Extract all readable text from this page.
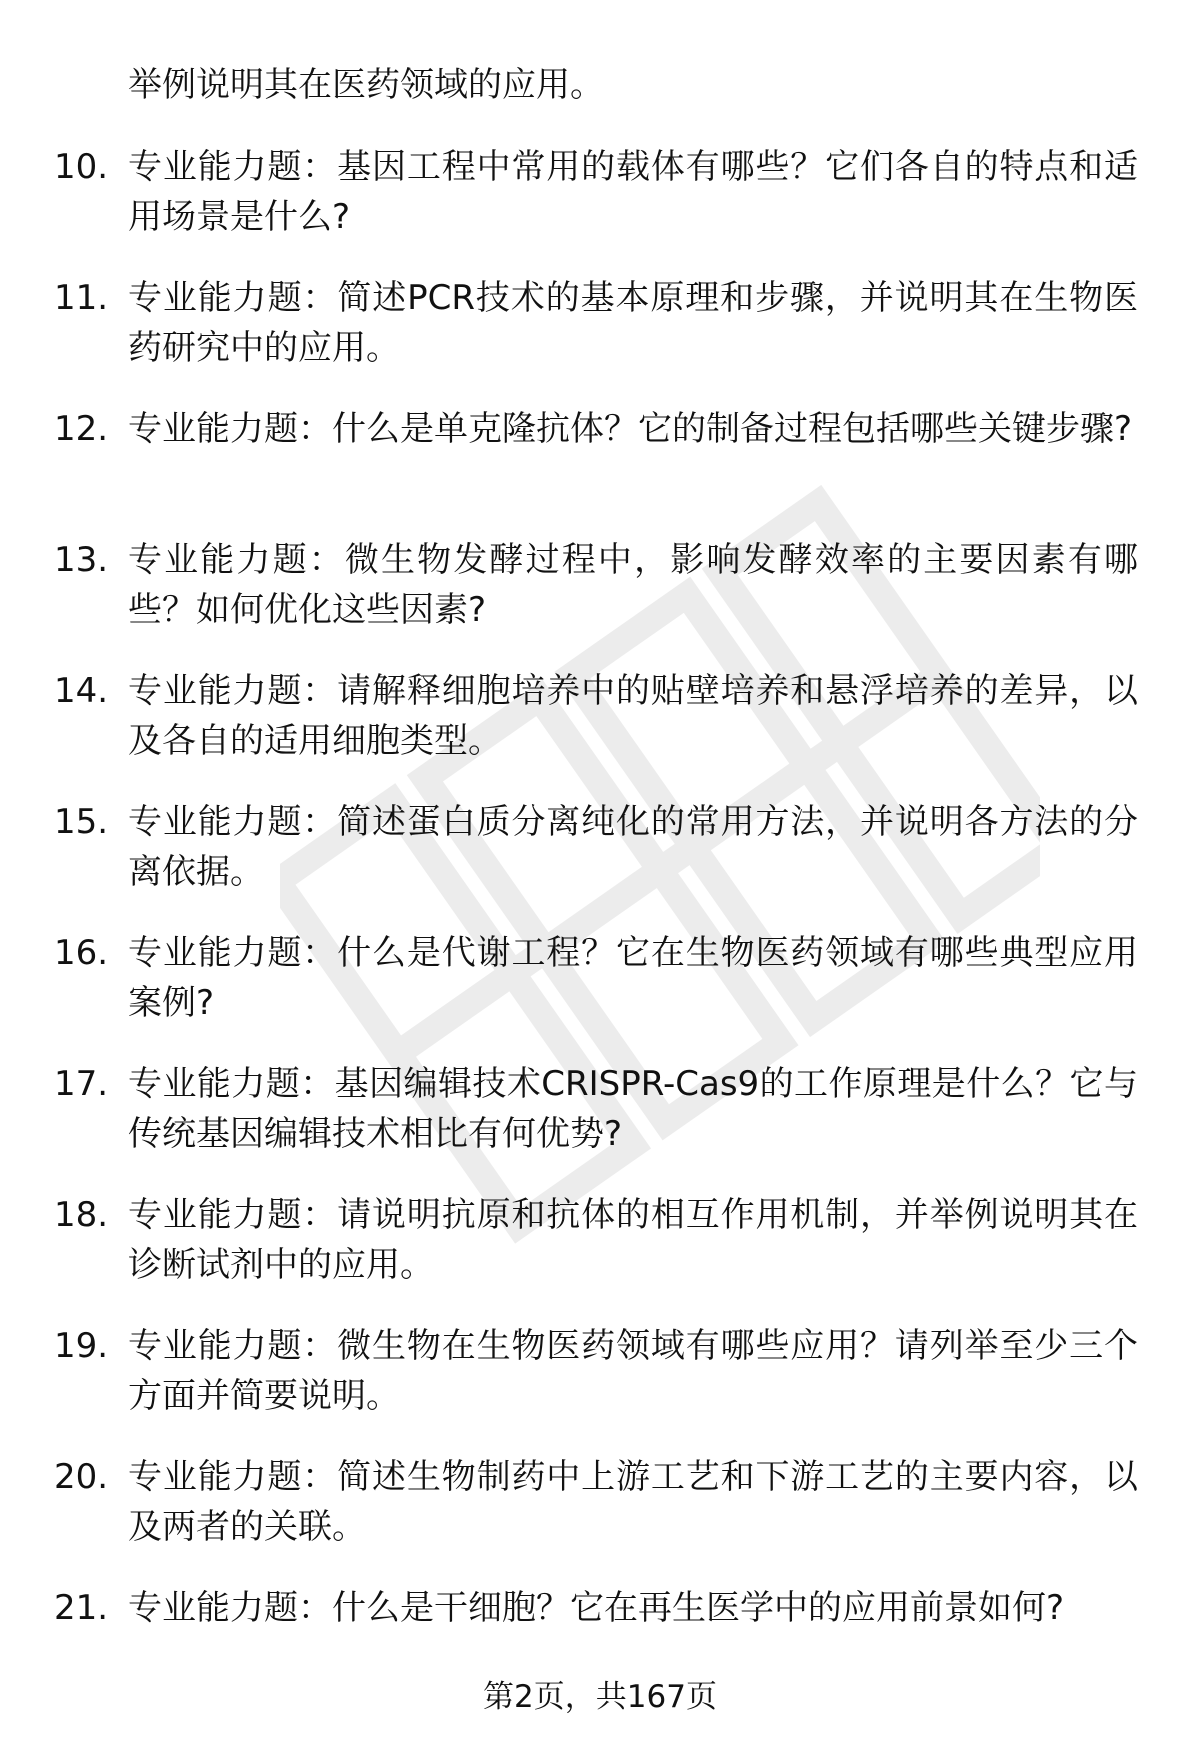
举例说明其在医药领域的应用。

10. 专业能力题：基因工程中常用的载体有哪些？它们各自的特点和适用场景是什么?

11. 专业能力题：简述PCR技术的基本原理和步骤，并说明其在生物医药研究中的应用。

12. 专业能力题：什么是单克隆抗体？它的制备过程包括哪些关键步骤?

13. 专业能力题：微生物发酵过程中，影响发酵效率的主要因素有哪些？如何优化这些因素?

14. 专业能力题：请解释细胞培养中的贴壁培养和悬浮培养的差异，以及各自的适用细胞类型。

15. 专业能力题：简述蛋白质分离纯化的常用方法，并说明各方法的分离依据。

16. 专业能力题：什么是代谢工程？它在生物医药领域有哪些典型应用案例?

17. 专业能力题：基因编辑技术CRISPR-Cas9的工作原理是什么？它与传统基因编辑技术相比有何优势?

18. 专业能力题：请说明抗原和抗体的相互作用机制，并举例说明其在诊断试剂中的应用。

19. 专业能力题：微生物在生物医药领域有哪些应用？请列举至少三个方面并简要说明。

20. 专业能力题：简述生物制药中上游工艺和下游工艺的主要内容，以及两者的关联。

21. 专业能力题：什么是干细胞？它在再生医学中的应用前景如何?

第2页，共167页
